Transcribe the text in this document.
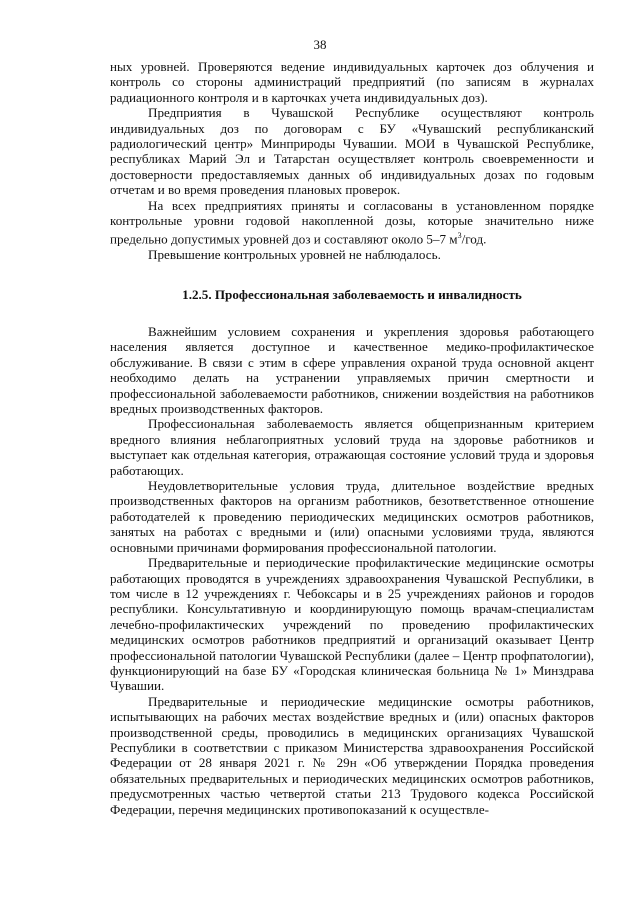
38

ных уровней. Проверяются ведение индивидуальных карточек доз облучения и контроль со стороны администраций предприятий (по записям в журналах радиационного контроля и в карточках учета индивидуальных доз).

Предприятия в Чувашской Республике осуществляют контроль индивидуальных доз по договорам с БУ «Чувашский республиканский радиологический центр» Минприроды Чувашии. МОИ в Чувашской Республике, республиках Марий Эл и Татарстан осуществляет контроль своевременности и достоверности предоставляемых данных об индивидуальных дозах по годовым отчетам и во время проведения плановых проверок.

На всех предприятиях приняты и согласованы в установленном порядке контрольные уровни годовой накопленной дозы, которые значительно ниже предельно допустимых уровней доз и составляют около 5–7 $м^3$/год.

Превышение контрольных уровней не наблюдалось.

1.2.5. Профессиональная заболеваемость и инвалидность

Важнейшим условием сохранения и укрепления здоровья работающего населения является доступное и качественное медико-профилактическое обслуживание. В связи с этим в сфере управления охраной труда основной акцент необходимо делать на устранении управляемых причин смертности и профессиональной заболеваемости работников, снижении воздействия на работников вредных производственных факторов.

Профессиональная заболеваемость является общепризнанным критерием вредного влияния неблагоприятных условий труда на здоровье работников и выступает как отдельная категория, отражающая состояние условий труда и здоровья работающих.

Неудовлетворительные условия труда, длительное воздействие вредных производственных факторов на организм работников, безответственное отношение работодателей к проведению периодических медицинских осмотров работников, занятых на работах с вредными и (или) опасными условиями труда, являются основными причинами формирования профессиональной патологии.

Предварительные и периодические профилактические медицинские осмотры работающих проводятся в учреждениях здравоохранения Чувашской Республики, в том числе в 12 учреждениях г. Чебоксары и в 25 учреждениях районов и городов республики. Консультативную и координирующую помощь врачам-специалистам лечебно-профилактических учреждений по проведению профилактических медицинских осмотров работников предприятий и организаций оказывает Центр профессиональной патологии Чувашской Республики (далее – Центр профпатологии), функционирующий на базе БУ «Городская клиническая больница № 1» Минздрава Чувашии.

Предварительные и периодические медицинские осмотры работников, испытывающих на рабочих местах воздействие вредных и (или) опасных факторов производственной среды, проводились в медицинских организациях Чувашской Республики в соответствии с приказом Министерства здравоохранения Российской Федерации от 28 января 2021 г. № 29н «Об утверждении Порядка проведения обязательных предварительных и периодических медицинских осмотров работников, предусмотренных частью четвертой статьи 213 Трудового кодекса Российской Федерации, перечня медицинских противопоказаний к осуществле-
